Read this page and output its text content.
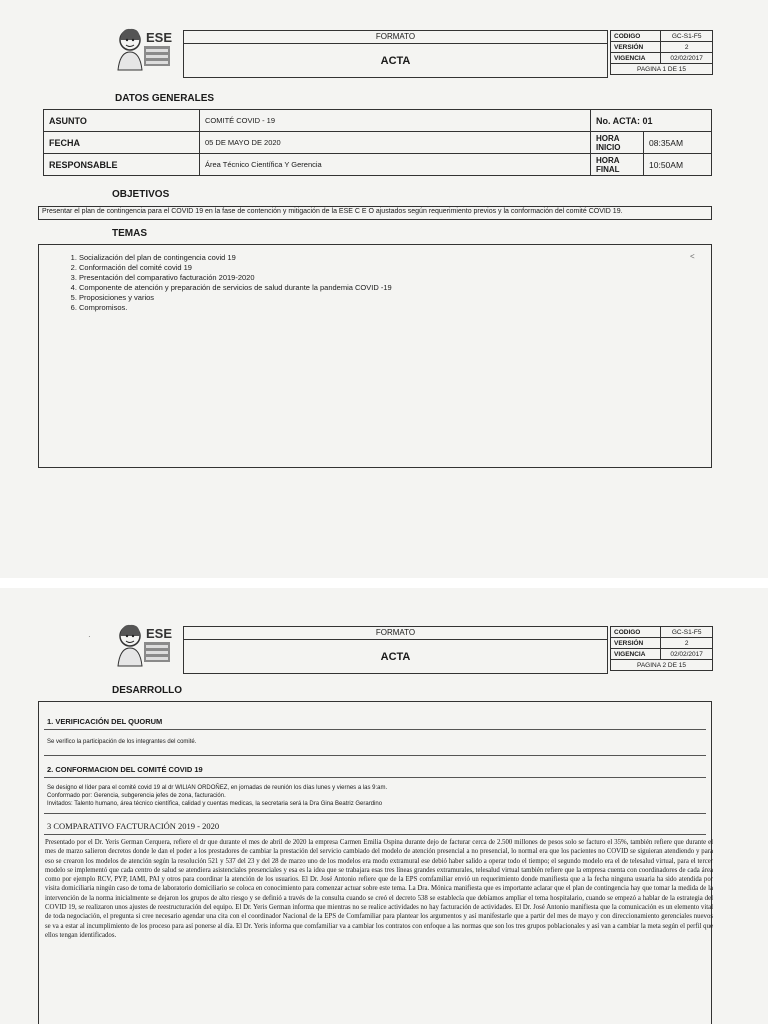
ESE	FORMATO
ACTA
CODIGO	GC-S1-F5
VERSIÓN	2
VIGENCIA	02/02/2017
PAGINA 1 DE 15	
DATOS GENERALES
ASUNTO	COMITÉ COVID - 19	No. ACTA: 01	
FECHA	05 DE MAYO DE 2020	HORA INICIO	08:35AM
RESPONSABLE	Área Técnico Científica Y Gerencia	HORA FINAL	10:50AM
OBJETIVOS
Presentar el plan de contingencia para el COVID 19 en la fase de contención y mitigación de la ESE C E O ajustados según requerimiento previos y la conformación del comité COVID 19.
TEMAS
1. Socialización del plan de contingencia covid 19
2. Conformación del comité covid 19
3. Presentación del comparativo facturación 2019-2020
4. Componente de atención y preparación de servicios de salud durante la pandemia COVID -19
5. Proposiciones y varios
6. Compromisos.
˂
ESE
·	FORMATO
ACTA
CODIGO	GC-S1-F5
VERSIÓN	2
VIGENCIA	02/02/2017
PAGINA 2 DE 15	
DESARROLLO
1. VERIFICACIÓN DEL QUORUM
Se verifico la participación de los integrantes del comité.
2. CONFORMACION DEL COMITÉ COVID 19
Se designo el líder para el comité covid 19 al dr WILIAN ORDOÑEZ, en jornadas de reunión los días lunes y viernes a las 9:am.
Conformado por: Gerencia, subgerencia jefes de zona, facturación.
Invitados: Talento humano, área técnico científica, calidad y cuentas medicas, la secretaria será la Dra Gina Beatriz Gerardino
3 COMPARATIVO FACTURACIÓN 2019 - 2020
Presentado por el Dr. Yeris German Cerquera, refiere el dr que durante el mes de abril de 2020 la empresa Carmen Emilia Ospina durante dejo de facturar cerca de 2.500 millones de pesos solo se facturo el 35%, también refiere que durante el mes de marzo salieron decretos donde le dan el poder a los prestadores de cambiar la prestación del servicio cambiado del modelo de atención presencial a no presencial, lo normal era que los pacientes no COVID se siguieran atendiendo y para eso se crearon los modelos de atención según la resolución 521 y 537 del 23 y del 28 de marzo uno de los modelos era modo extramural ese debió haber salido a operar todo el tiempo; el segundo modelo era el de telesalud virtual, para el tercer modelo se implementó que cada centro de salud se atendiera asistenciales presenciales y esa es la idea que se trabajara esas tres líneas grandes extramurales, telesalud virtual también refiere que la empresa cuenta con coordinadores de cada área como por ejemplo RCV, PYP, IAMI, PAI y otros para coordinar la atención de los usuarios. El Dr. José Antonio refiere que de la EPS comfamiliar envió un requerimiento donde manifiesta que a la fecha ninguna usuaria ha sido atendida por visita domiciliaria ningún caso de toma de laboratorio domiciliario se coloca en conocimiento para comenzar actuar sobre este tema. La Dra. Mónica manifiesta que es importante aclarar que el plan de contingencia hay que tomar la medida de la intervención de la norma inicialmente se dejaron los grupos de alto riesgo y se definió a través de la consulta cuando se creó el decreto 538 se establecía que debíamos ampliar el tema hospitalario, cuando se empezó a hablar de la estrategia del COVID 19, se realizaron unos ajustes de reestructuración del equipo. El Dr. Yeris German informa que mientras no se realice actividades no hay facturación de actividades. El Dr. José Antonio manifiesta que la comunicación es un elemento vital de toda negociación, el pregunta si cree necesario agendar una cita con el coordinador Nacional de la EPS de Comfamiliar para plantear los argumentos y así manifestarle que a partir del mes de mayo y con direccionamiento gerenciales nuevos se va a estar al incumplimiento de los proceso para así ponerse al día. El Dr. Yeris informa que comfamiliar va a cambiar los contratos con enfoque a las normas que son los tres grupos poblacionales y así van a cambiar la meta según el perfil que ellos tengan identificados.
